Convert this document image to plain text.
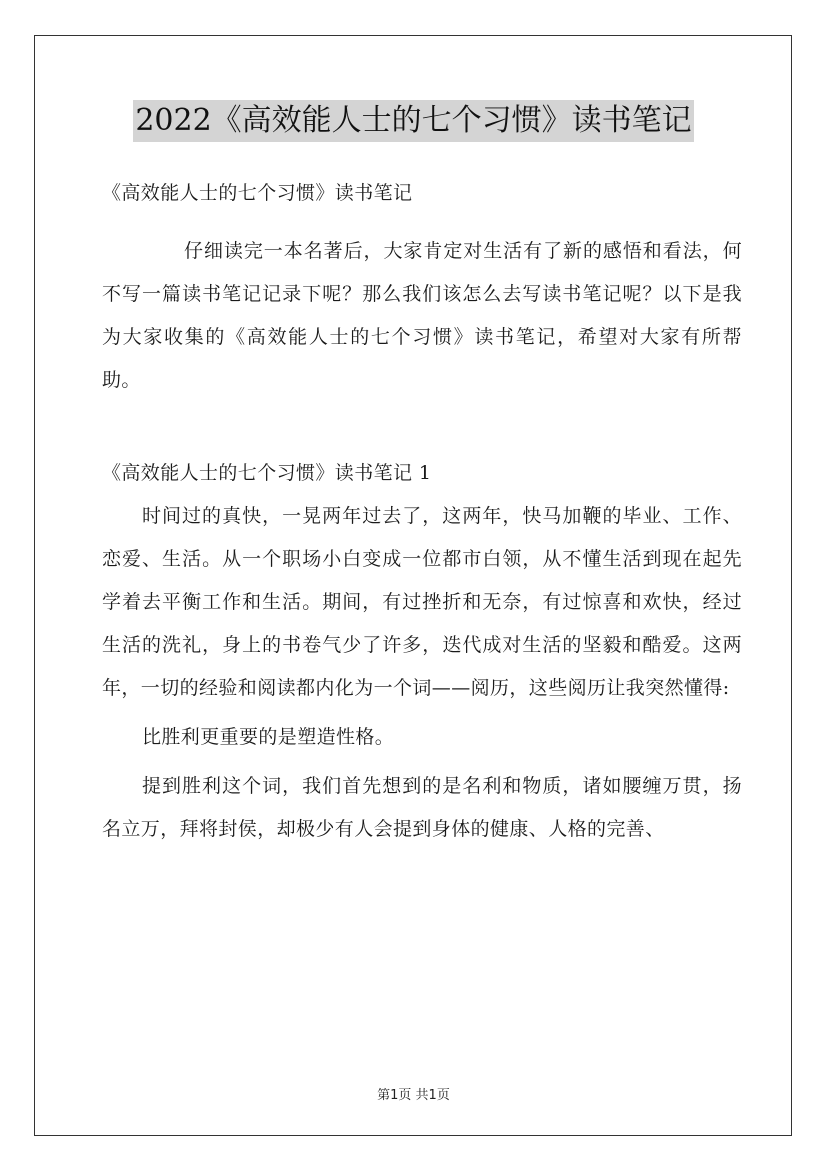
2022《高效能人士的七个习惯》读书笔记

《高效能人士的七个习惯》读书笔记

仔细读完一本名著后，大家肯定对生活有了新的感悟和看法，何不写一篇读书笔记记录下呢？那么我们该怎么去写读书笔记呢？以下是我为大家收集的《高效能人士的七个习惯》读书笔记，希望对大家有所帮助。

《高效能人士的七个习惯》读书笔记 1

时间过的真快，一晃两年过去了，这两年，快马加鞭的毕业、工作、恋爱、生活。从一个职场小白变成一位都市白领，从不懂生活到现在起先学着去平衡工作和生活。期间，有过挫折和无奈，有过惊喜和欢快，经过生活的洗礼，身上的书卷气少了许多，迭代成对生活的坚毅和酷爱。这两年，一切的经验和阅读都内化为一个词——阅历，这些阅历让我突然懂得:

比胜利更重要的是塑造性格。

提到胜利这个词，我们首先想到的是名利和物质，诸如腰缠万贯，扬名立万，拜将封侯，却极少有人会提到身体的健康、人格的完善、

第1页 共1页
